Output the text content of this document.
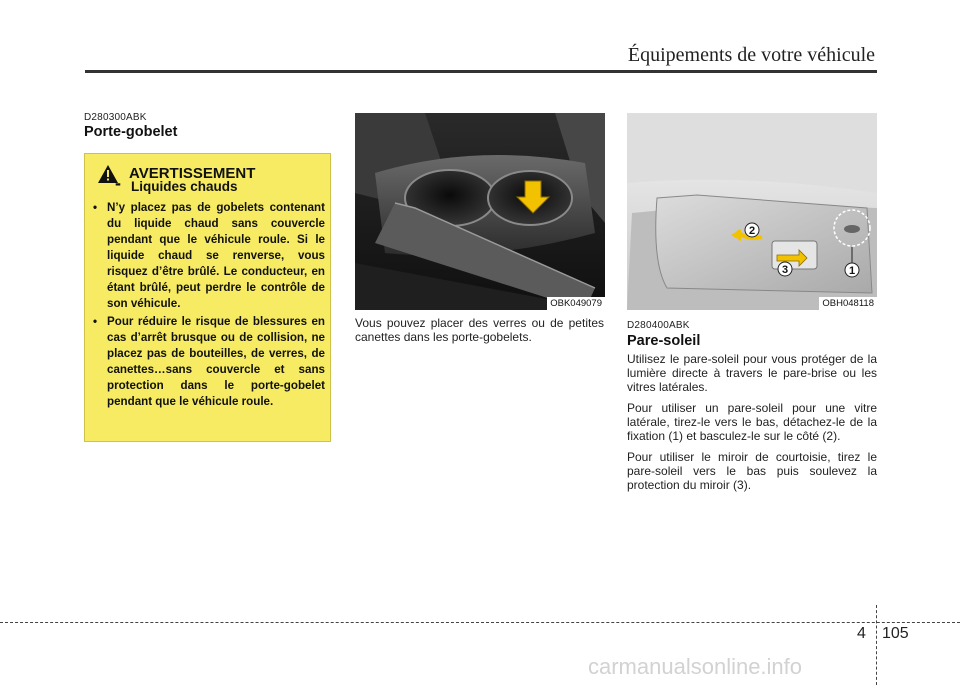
Équipements de votre véhicule
D280300ABK
Porte-gobelet
AVERTISSEMENT
- Liquides chauds
• N’y placez pas de gobelets contenant du liquide chaud sans couvercle pendant que le véhicule roule. Si le liquide chaud se renverse, vous risquez d’être brûlé. Le conducteur, en étant brûlé, peut perdre le contrôle de son véhicule.
• Pour réduire le risque de blessures en cas d’arrêt brusque ou de collision, ne placez pas de bouteilles, de verres, de canettes…sans couvercle et sans protection dans le porte-gobelet pendant que le véhicule roule.
OBK049079
Vous pouvez placer des verres ou de petites canettes dans les porte-gobelets.
1
2
3
OBH048118
D280400ABK
Pare-soleil

Utilisez le pare-soleil pour vous protéger de la lumière directe à travers le pare-brise ou les vitres latérales.

Pour utiliser un pare-soleil pour une vitre latérale, tirez-le vers le bas, détachez-le de la fixation (1) et basculez-le sur le côté (2).

Pour utiliser le miroir de courtoisie, tirez le pare-soleil vers le bas puis soulevez la protection du miroir (3).

4 105
carmanualsonline.info
